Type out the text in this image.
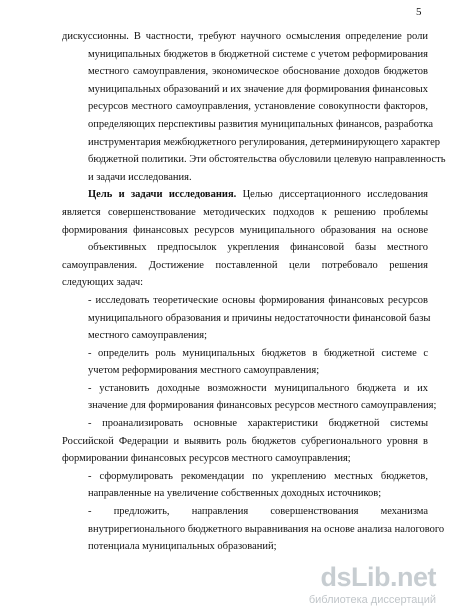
5
дискуссионны. В частности, требуют научного осмысления определение роли
муниципальных бюджетов в бюджетной системе с учетом реформирования
местного самоуправления, экономическое обоснование доходов бюджетов
муниципальных образований и их значение для формирования финансовых
ресурсов местного самоуправления, установление совокупности факторов,
определяющих перспективы развития муниципальных финансов, разработка
инструментария межбюджетного регулирования, детерминирующего характер
бюджетной политики. Эти обстоятельства обусловили целевую направленность
и задачи исследования.
Цель и задачи исследования. Целью диссертационного исследования
является совершенствование методических подходов к решению проблемы
формирования финансовых ресурсов муниципального образования на основе
объективных предпосылок укрепления финансовой базы местного
самоуправления. Достижение поставленной цели потребовало решения
следующих задач:
- исследовать теоретические основы формирования финансовых ресурсов
муниципального образования и причины недостаточности финансовой базы
местного самоуправления;
- определить роль муниципальных бюджетов в бюджетной системе с
учетом реформирования местного самоуправления;
- установить доходные возможности муниципального бюджета и их
значение для формирования финансовых ресурсов местного самоуправления;
- проанализировать основные характеристики бюджетной системы
Российской Федерации и выявить роль бюджетов субрегионального уровня в
формировании финансовых ресурсов местного самоуправления;
- сформулировать рекомендации по укреплению местных бюджетов,
направленные на увеличение собственных доходных источников;
- предложить, направления совершенствования механизма
внутрирегионального бюджетного выравнивания на основе анализа налогового
потенциала муниципальных образований;
dsLib.net
библиотека диссертаций
